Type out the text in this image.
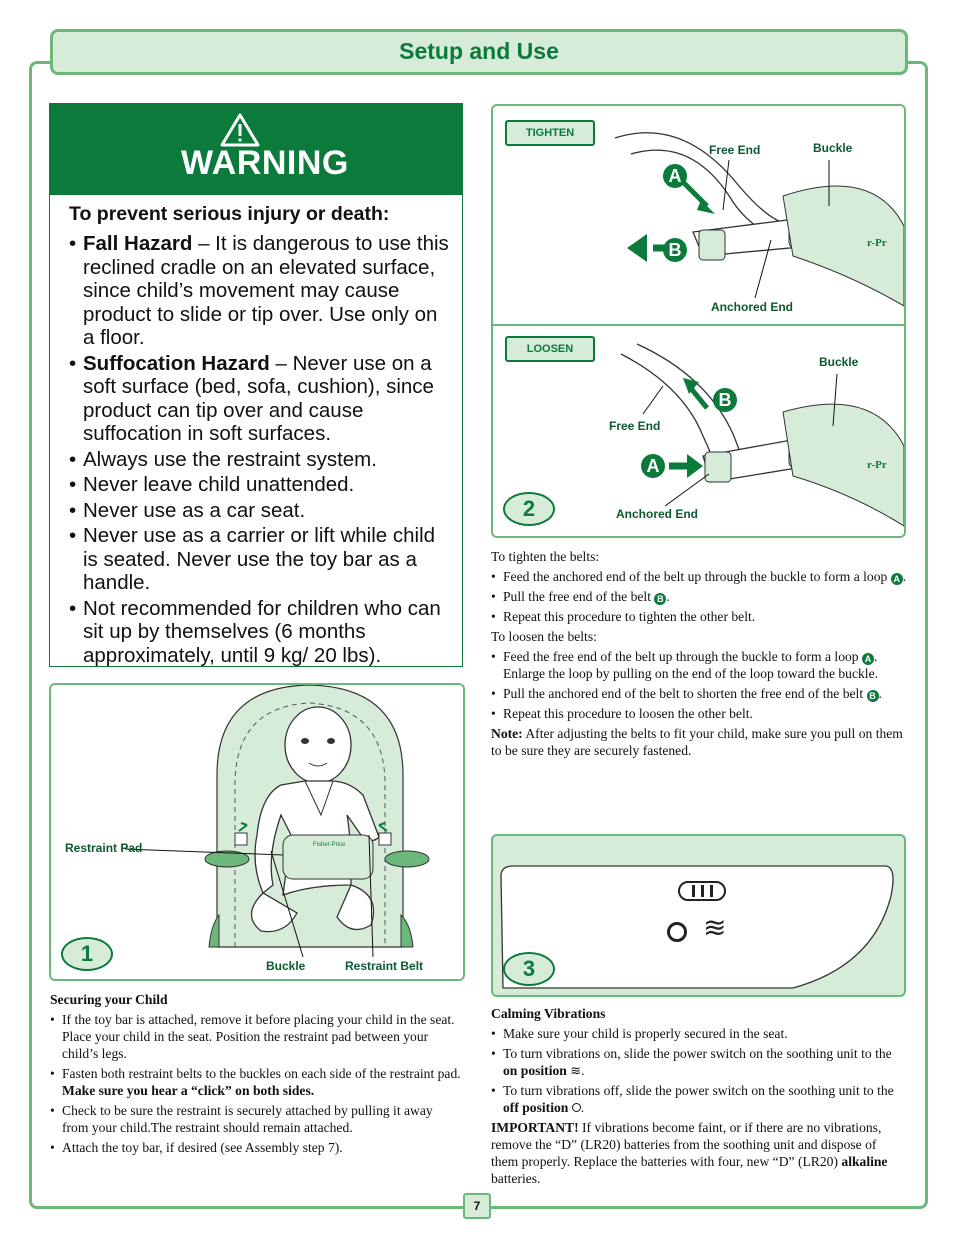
Setup and Use
WARNING
To prevent serious injury or death:
• Fall Hazard – It is dangerous to use this reclined cradle on an elevated surface, since child’s movement may cause product to slide or tip over. Use only on a floor.
• Suffocation Hazard – Never use on a soft surface (bed, sofa, cushion), since product can tip over and cause suffocation in soft surfaces.
• Always use the restraint system.
• Never leave child unattended.
• Never use as a car seat.
• Never use as a carrier or lift while child is seated. Never use the toy bar as a handle.
• Not recommended for children who can sit up by themselves (6 months approximately, until 9 kg/ 20 lbs).
Fisher-Price
Restraint Pad
Buckle	Restraint Belt
1
Securing your Child
• If the toy bar is attached, remove it before placing your child in the seat. Place your child in the seat. Position the restraint pad between your child’s legs.
• Fasten both restraint belts to the buckles on each side of the restraint pad. Make sure you hear a “click” on both sides.
• Check to be sure the restraint is securely attached by pulling it away from your child.The restraint should remain attached.
• Attach the toy bar, if desired (see Assembly step 7).
r-Pr
r-Pr
TIGHTEN
Free End	Buckle
Anchored End
A
B
LOOSEN
Buckle
Free End
Anchored End
B
A
2
To tighten the belts:
• Feed the anchored end of the belt up through the buckle to form a loop A .
• Pull the free end of the belt B .
• Repeat this procedure to tighten the other belt.
To loosen the belts:
• Feed the free end of the belt up through the buckle to form a loop A . Enlarge the loop by pulling on the end of the loop toward the buckle.
• Pull the anchored end of the belt to shorten the free end of the belt B .
• Repeat this procedure to loosen the other belt.

Note: After adjusting the belts to fit your child, make sure you pull on them to be sure they are securely fastened.

≋
3
Calming Vibrations
• Make sure your child is properly secured in the seat.
• To turn vibrations on, slide the power switch on the soothing unit to the on position ≋.
• To turn vibrations off, slide the power switch on the soothing unit to the off position .

IMPORTANT! If vibrations become faint, or if there are no vibrations, remove the “D” (LR20) batteries from the soothing unit and dispose of them properly. Replace the batteries with four, new “D” (LR20) alkaline batteries.

7
